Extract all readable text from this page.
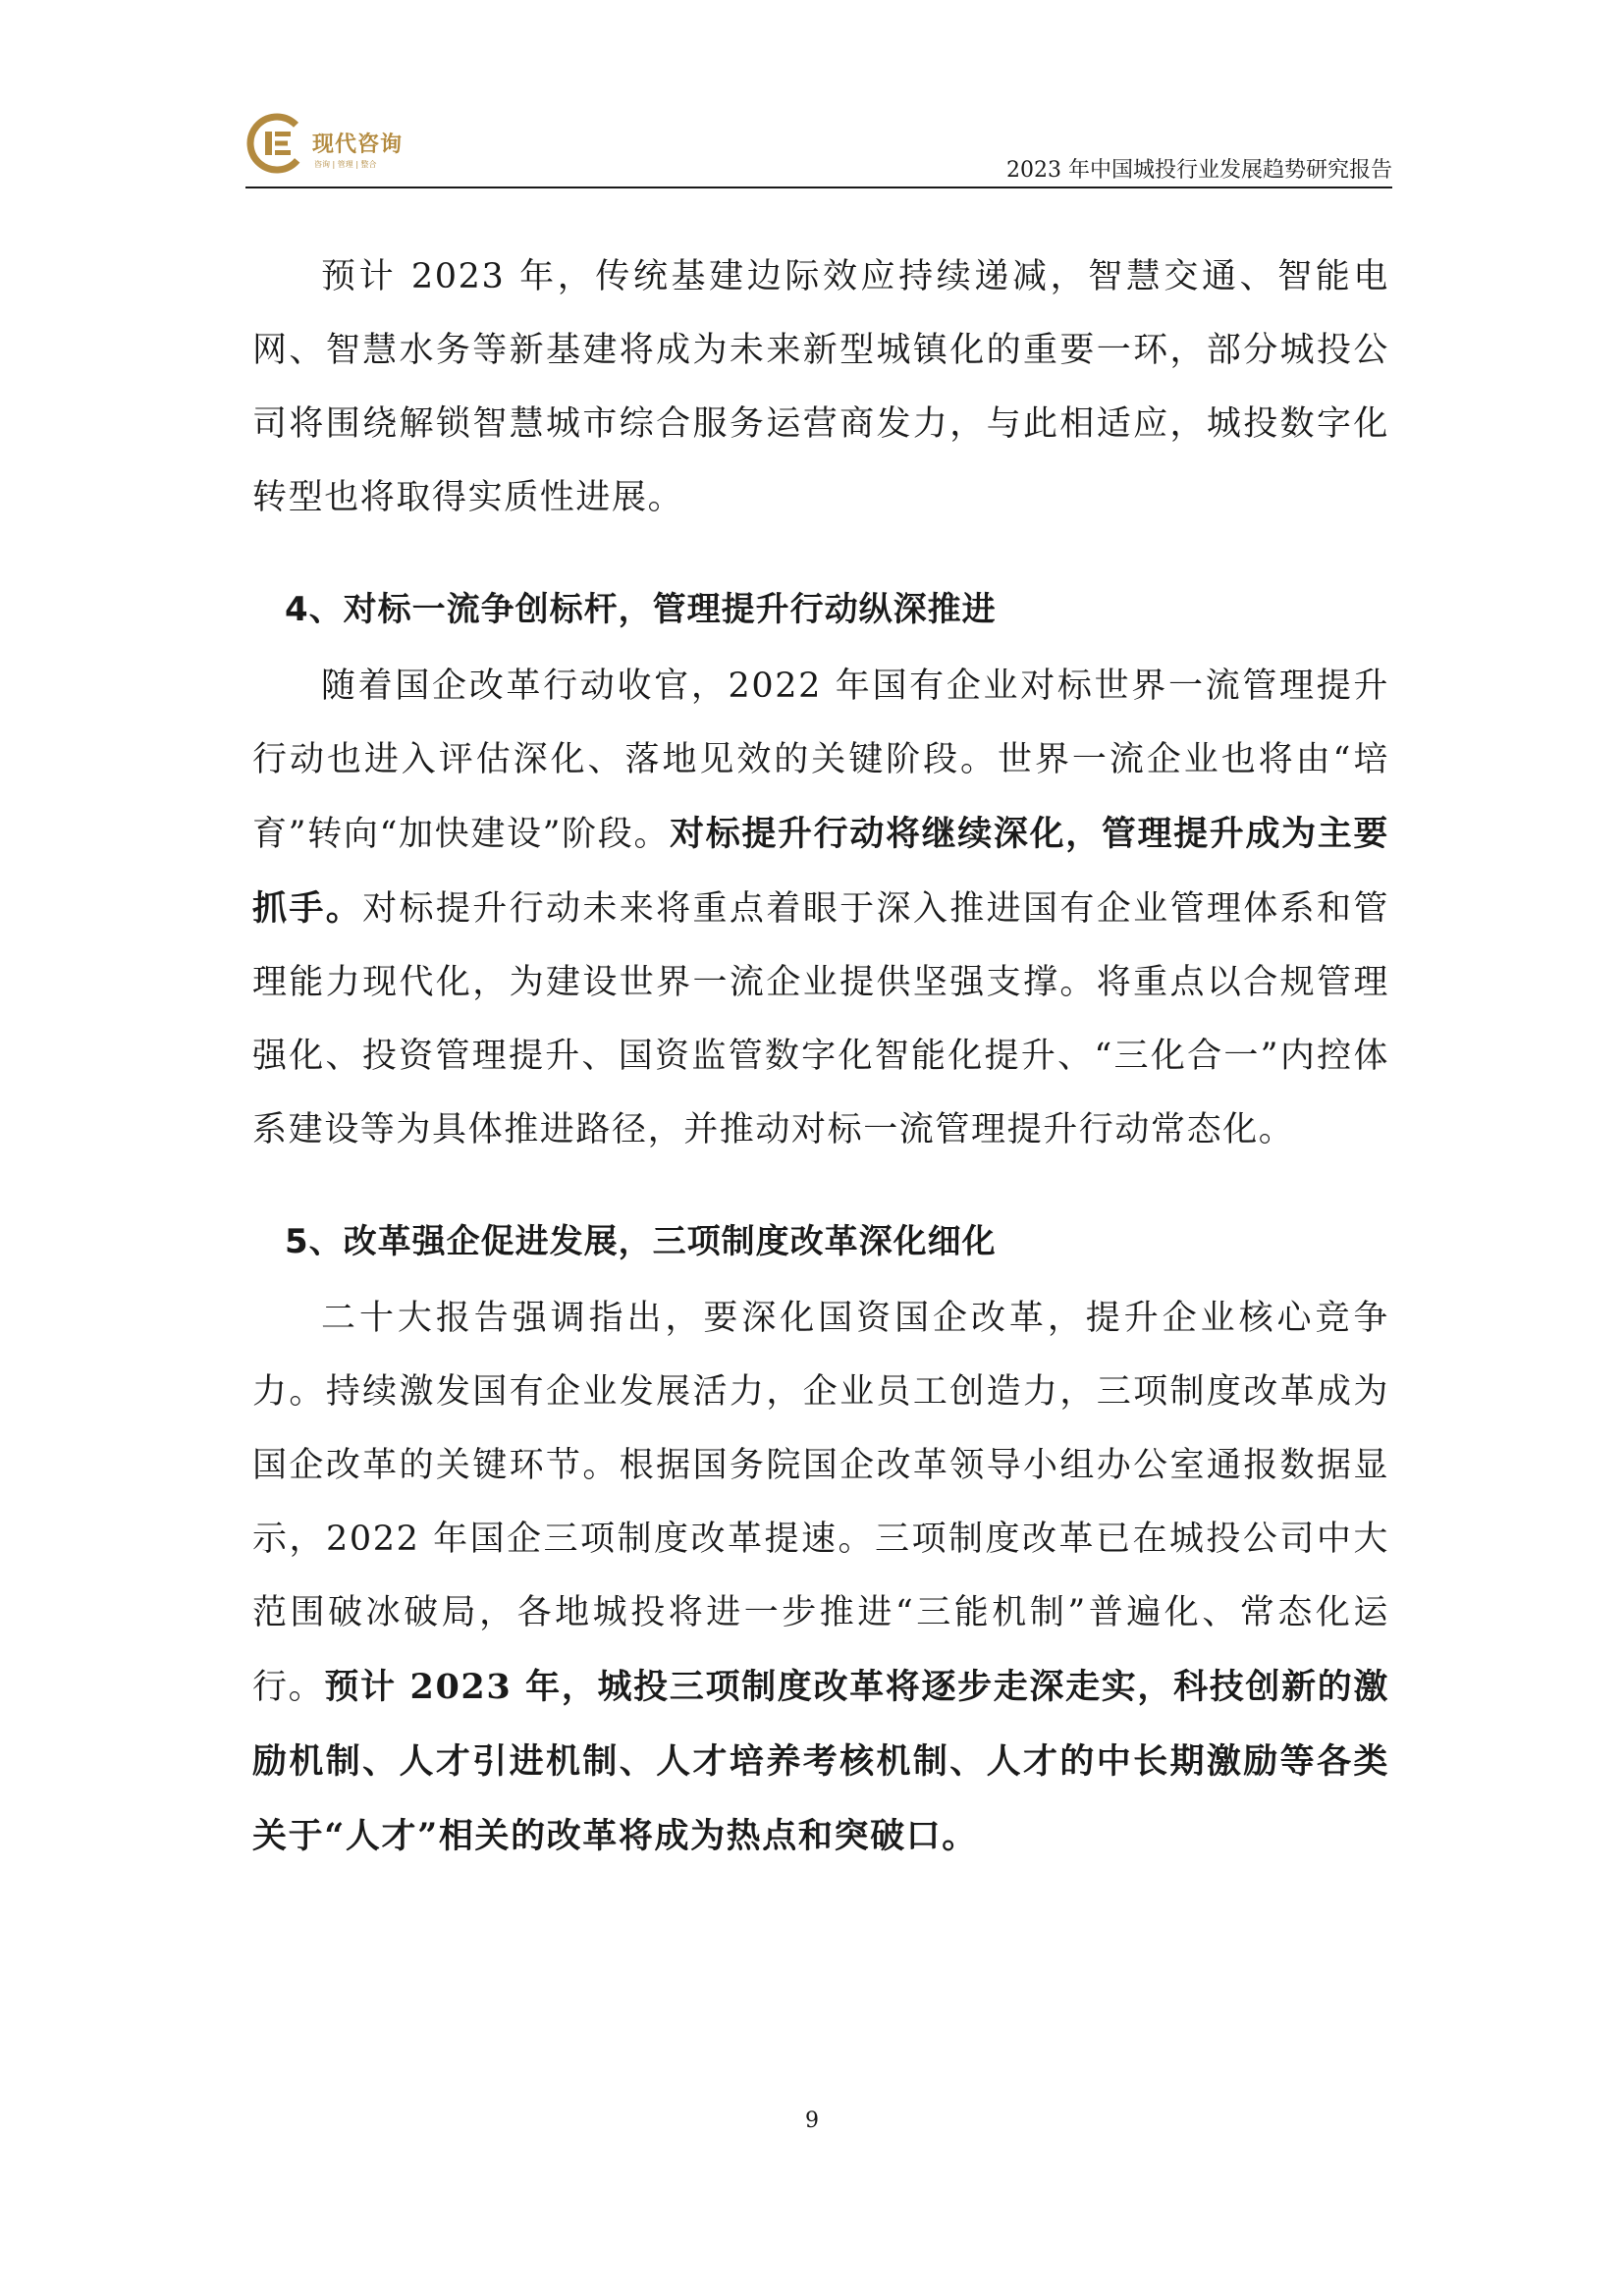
现代咨询
咨询 | 管理 | 整合	2023 年中国城投行业发展趋势研究报告

预计 2023 年，传统基建边际效应持续递减，智慧交通、智能电网、智慧水务等新基建将成为未来新型城镇化的重要一环，部分城投公司将围绕解锁智慧城市综合服务运营商发力，与此相适应，城投数字化转型也将取得实质性进展。

4、对标一流争创标杆，管理提升行动纵深推进

随着国企改革行动收官，2022 年国有企业对标世界一流管理提升行动也进入评估深化、落地见效的关键阶段。世界一流企业也将由“培育”转向“加快建设”阶段。对标提升行动将继续深化，管理提升成为主要抓手。对标提升行动未来将重点着眼于深入推进国有企业管理体系和管理能力现代化，为建设世界一流企业提供坚强支撑。将重点以合规管理强化、投资管理提升、国资监管数字化智能化提升、“三化合一”内控体系建设等为具体推进路径，并推动对标一流管理提升行动常态化。

5、改革强企促进发展，三项制度改革深化细化

二十大报告强调指出，要深化国资国企改革，提升企业核心竞争力。持续激发国有企业发展活力，企业员工创造力，三项制度改革成为国企改革的关键环节。根据国务院国企改革领导小组办公室通报数据显示，2022 年国企三项制度改革提速。三项制度改革已在城投公司中大范围破冰破局，各地城投将进一步推进“三能机制”普遍化、常态化运行。预计 2023 年，城投三项制度改革将逐步走深走实，科技创新的激励机制、人才引进机制、人才培养考核机制、人才的中长期激励等各类关于“人才”相关的改革将成为热点和突破口。

9
